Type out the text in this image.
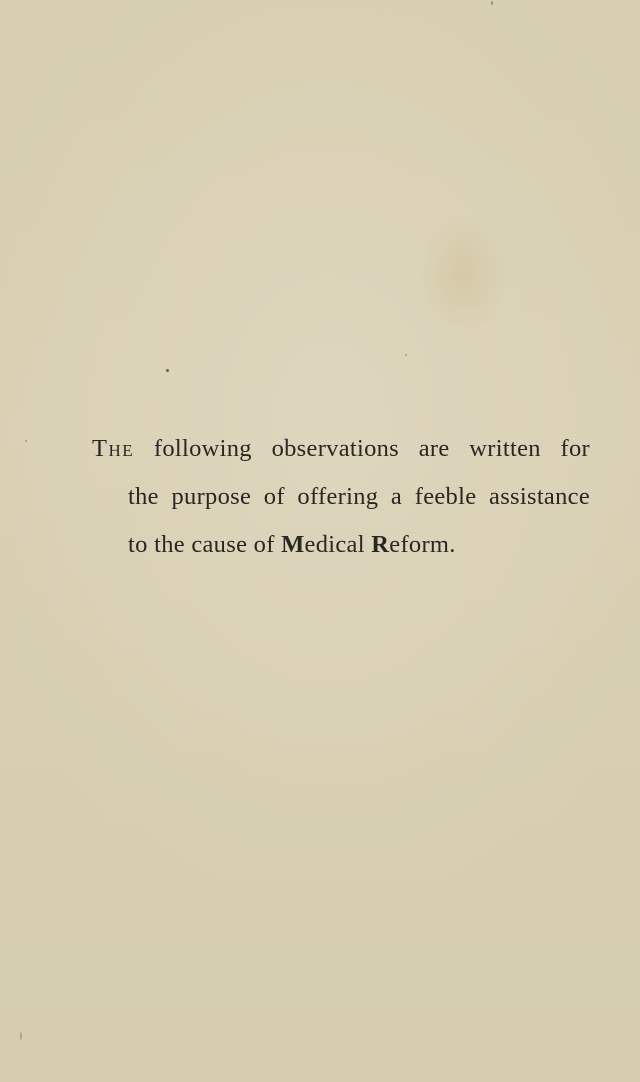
The following observations are written for
the purpose of offering a feeble assistance
to the cause of Medical Reform.
